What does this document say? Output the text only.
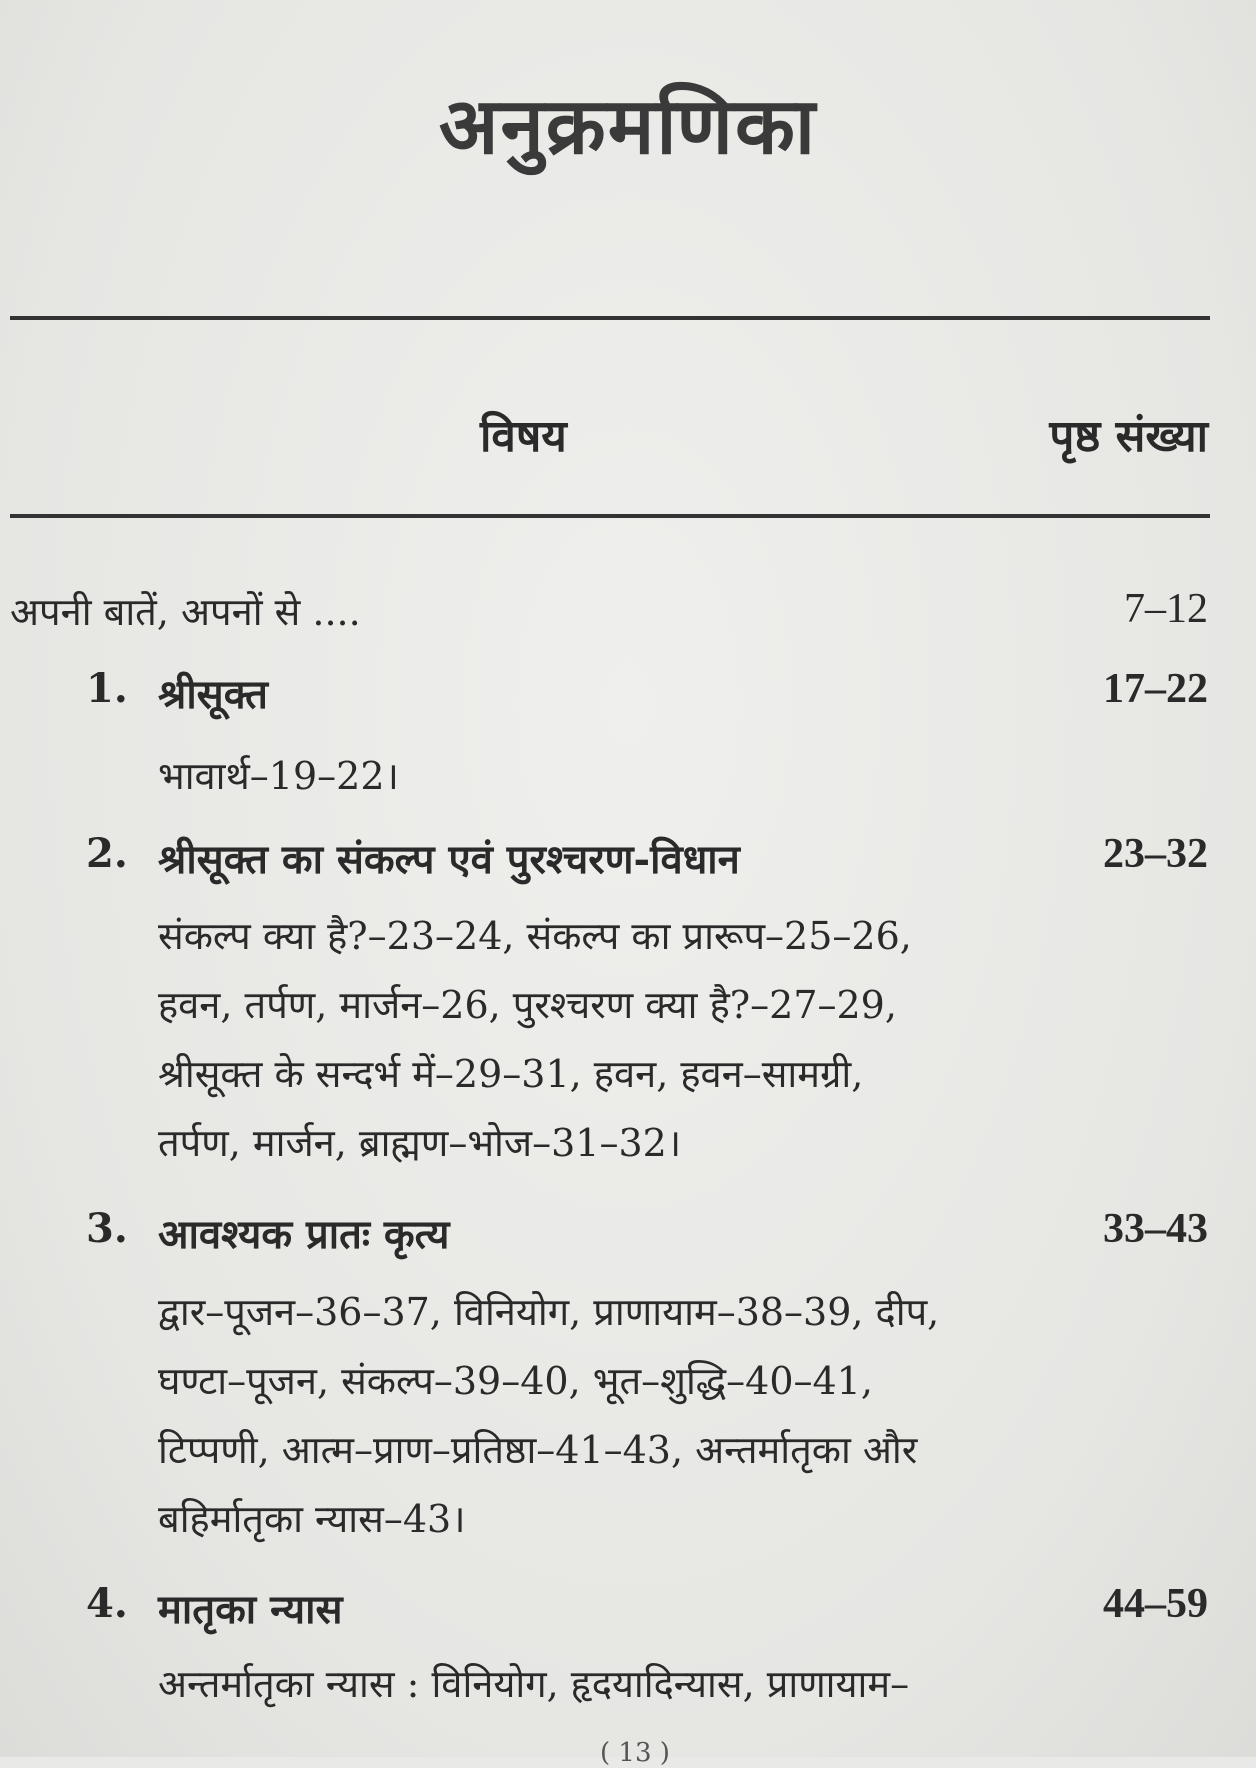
अनुक्रमणिका
विषय	पृष्ठ संख्या
अपनी बातें, अपनों से ....	7–12
1. श्रीसूक्त	17–22
भावार्थ–19–22।
2. श्रीसूक्त का संकल्प एवं पुरश्चरण-विधान	23–32
संकल्प क्या है?–23–24, संकल्प का प्रारूप–25–26,
हवन, तर्पण, मार्जन–26, पुरश्चरण क्या है?–27–29,
श्रीसूक्त के सन्दर्भ में–29–31, हवन, हवन–सामग्री,
तर्पण, मार्जन, ब्राह्मण–भोज–31–32।
3. आवश्यक प्रातः कृत्य	33–43
द्वार–पूजन–36–37, विनियोग, प्राणायाम–38–39, दीप,
घण्टा–पूजन, संकल्प–39–40, भूत–शुद्धि–40–41,
टिप्पणी, आत्म–प्राण–प्रतिष्ठा–41–43, अन्तर्मातृका और
बहिर्मातृका न्यास–43।
4. मातृका न्यास	44–59
अन्तर्मातृका न्यास : विनियोग, हृदयादिन्यास, प्राणायाम–
( 13 )
